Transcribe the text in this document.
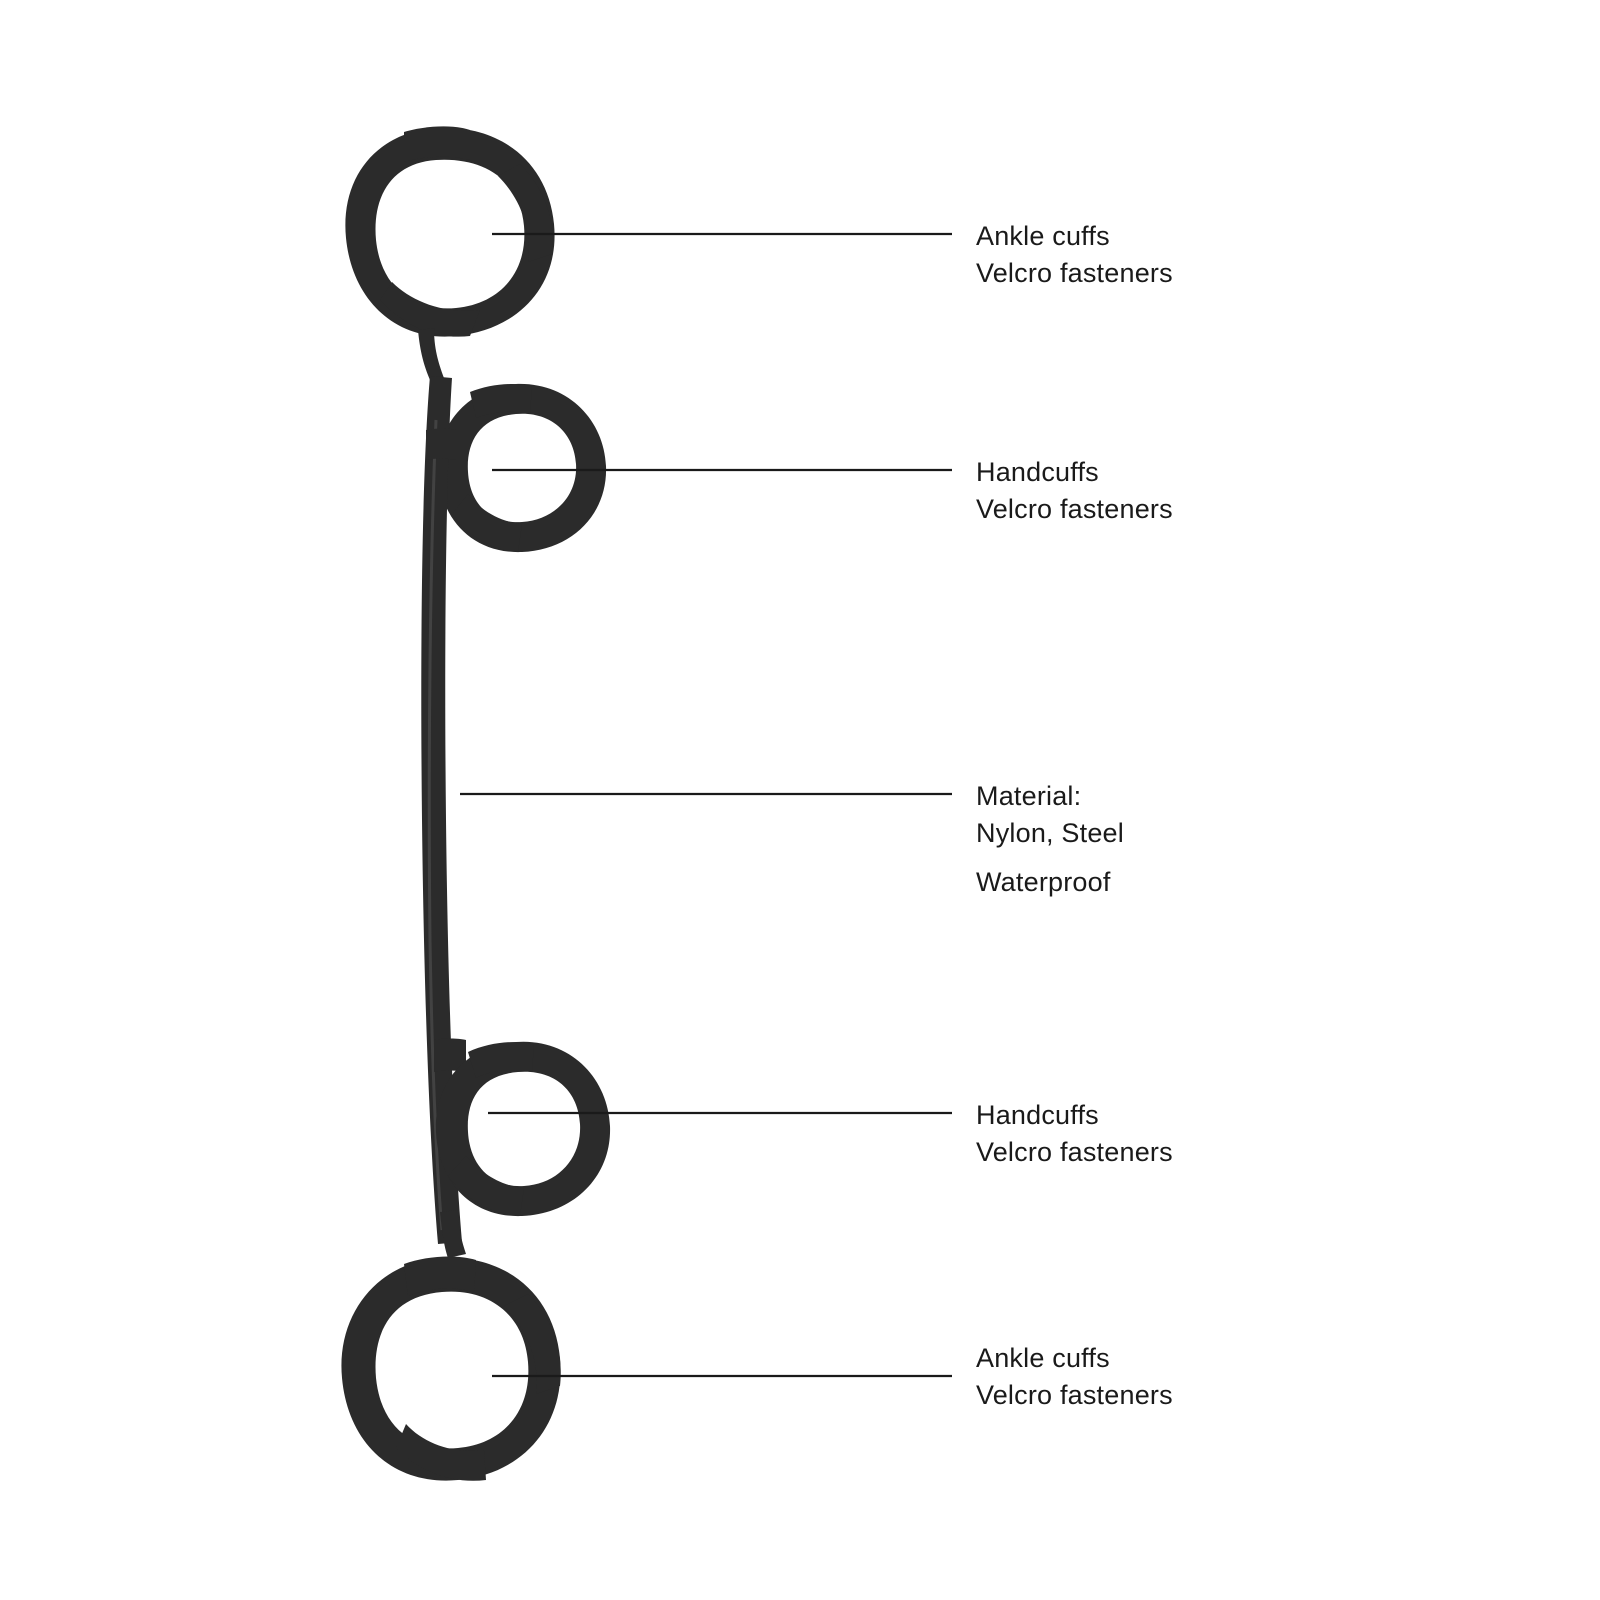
Ankle cuffs
Velcro fasteners
Handcuffs
Velcro fasteners
Material:
Nylon, Steel
Waterproof
Handcuffs
Velcro fasteners
Ankle cuffs
Velcro fasteners
